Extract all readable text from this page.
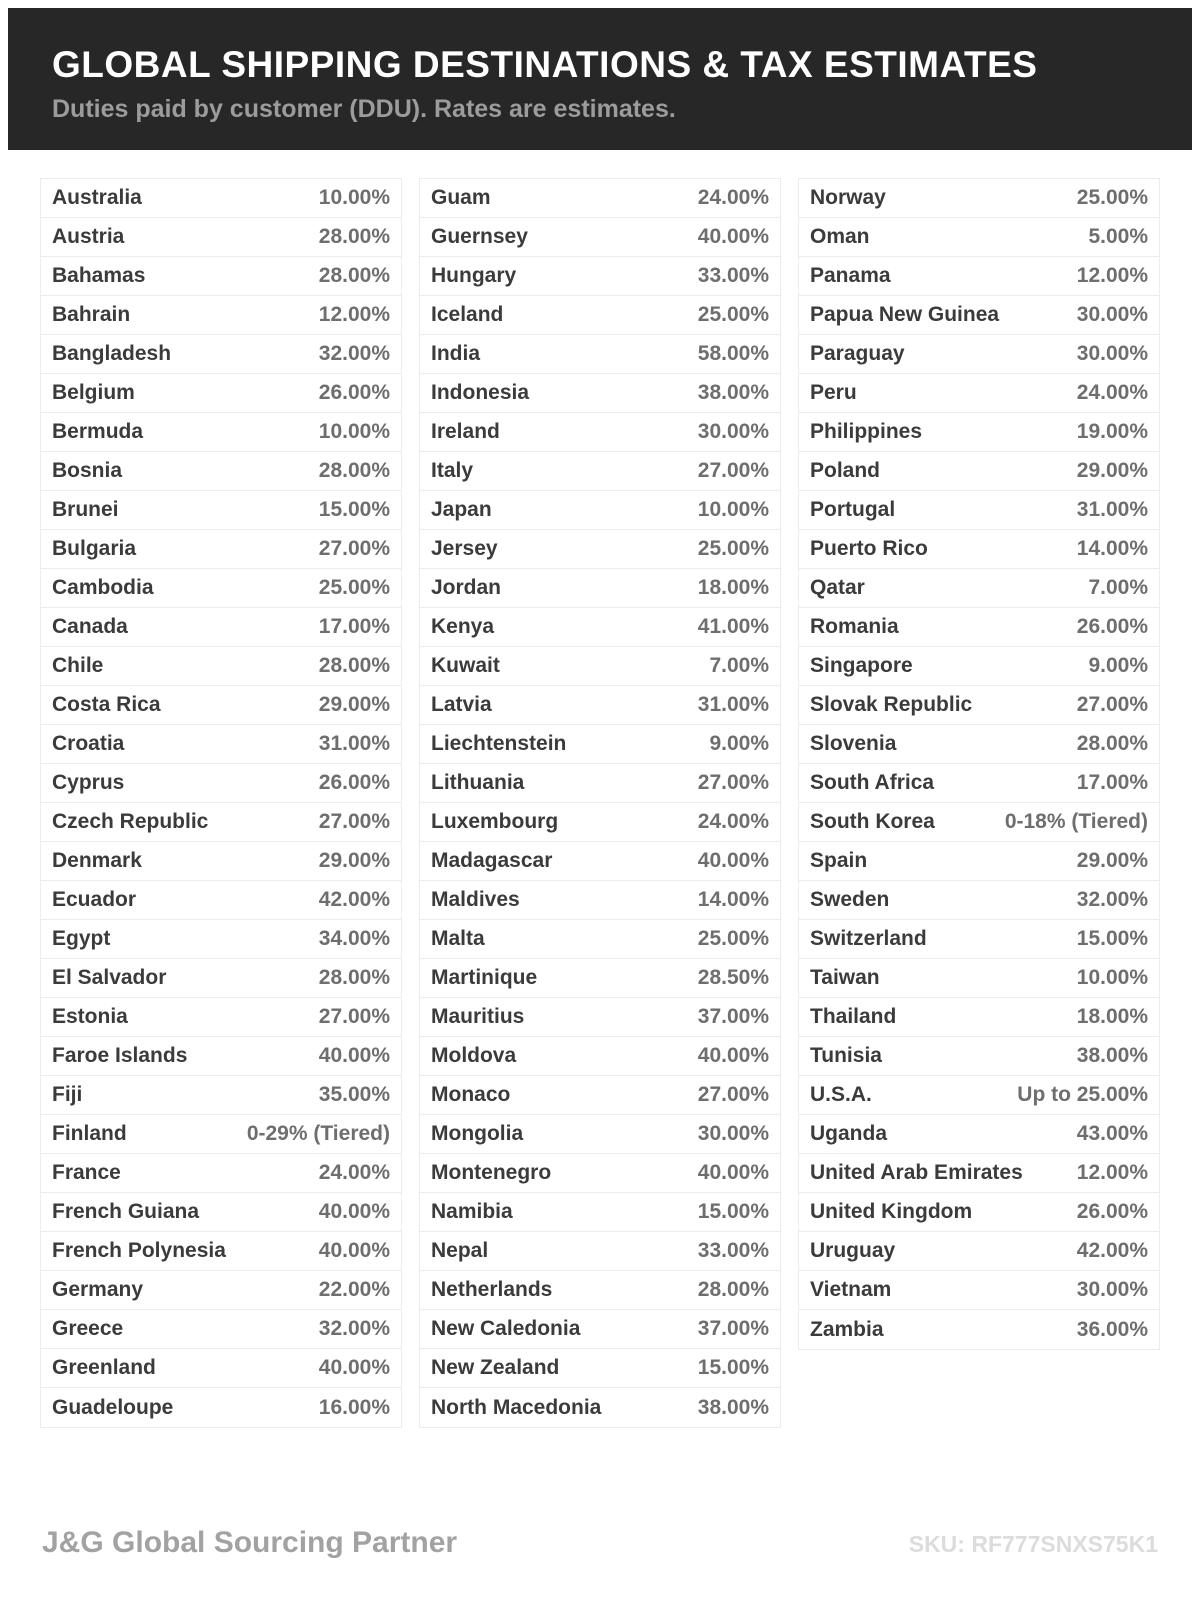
GLOBAL SHIPPING DESTINATIONS & TAX ESTIMATES
Duties paid by customer (DDU). Rates are estimates.
Australia	10.00%
Austria	28.00%
Bahamas	28.00%
Bahrain	12.00%
Bangladesh	32.00%
Belgium	26.00%
Bermuda	10.00%
Bosnia	28.00%
Brunei	15.00%
Bulgaria	27.00%
Cambodia	25.00%
Canada	17.00%
Chile	28.00%
Costa Rica	29.00%
Croatia	31.00%
Cyprus	26.00%
Czech Republic	27.00%
Denmark	29.00%
Ecuador	42.00%
Egypt	34.00%
El Salvador	28.00%
Estonia	27.00%
Faroe Islands	40.00%
Fiji	35.00%
Finland	0-29% (Tiered)
France	24.00%
French Guiana	40.00%
French Polynesia	40.00%
Germany	22.00%
Greece	32.00%
Greenland	40.00%
Guadeloupe	16.00%
Guam	24.00%
Guernsey	40.00%
Hungary	33.00%
Iceland	25.00%
India	58.00%
Indonesia	38.00%
Ireland	30.00%
Italy	27.00%
Japan	10.00%
Jersey	25.00%
Jordan	18.00%
Kenya	41.00%
Kuwait	7.00%
Latvia	31.00%
Liechtenstein	9.00%
Lithuania	27.00%
Luxembourg	24.00%
Madagascar	40.00%
Maldives	14.00%
Malta	25.00%
Martinique	28.50%
Mauritius	37.00%
Moldova	40.00%
Monaco	27.00%
Mongolia	30.00%
Montenegro	40.00%
Namibia	15.00%
Nepal	33.00%
Netherlands	28.00%
New Caledonia	37.00%
New Zealand	15.00%
North Macedonia	38.00%
Norway	25.00%
Oman	5.00%
Panama	12.00%
Papua New Guinea	30.00%
Paraguay	30.00%
Peru	24.00%
Philippines	19.00%
Poland	29.00%
Portugal	31.00%
Puerto Rico	14.00%
Qatar	7.00%
Romania	26.00%
Singapore	9.00%
Slovak Republic	27.00%
Slovenia	28.00%
South Africa	17.00%
South Korea	0-18% (Tiered)
Spain	29.00%
Sweden	32.00%
Switzerland	15.00%
Taiwan	10.00%
Thailand	18.00%
Tunisia	38.00%
U.S.A.	Up to 25.00%
Uganda	43.00%
United Arab Emirates	12.00%
United Kingdom	26.00%
Uruguay	42.00%
Vietnam	30.00%
Zambia	36.00%
J&G Global Sourcing Partner	SKU: RF777SNXS75K1
